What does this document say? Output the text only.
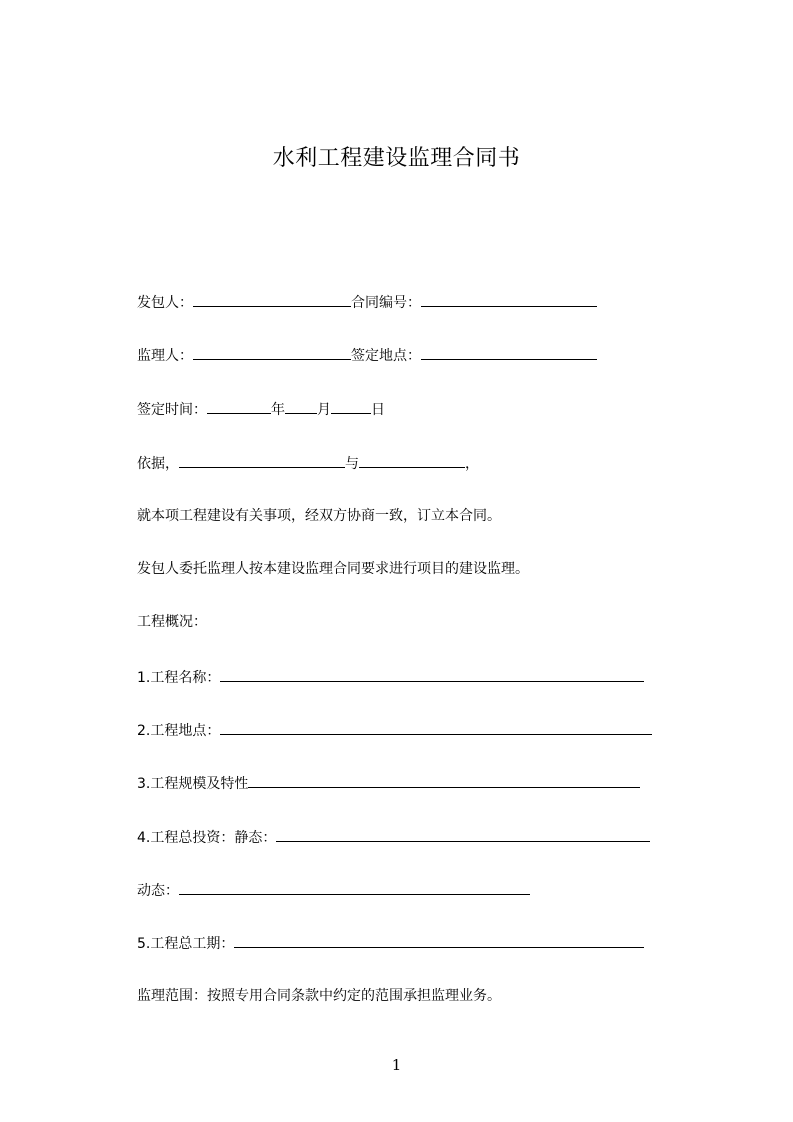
水利工程建设监理合同书
发包人：	合同编号：
监理人：	签定地点：
签定时间：	年 月	日
依据，	与	，
就本项工程建设有关事项，经双方协商一致，订立本合同。
发包人委托监理人按本建设监理合同要求进行项目的建设监理。
工程概况：
1.工程名称：
2.工程地点：
3.工程规模及特性
4.工程总投资：静态：
动态：
5.工程总工期：
监理范围：按照专用合同条款中约定的范围承担监理业务。
1
